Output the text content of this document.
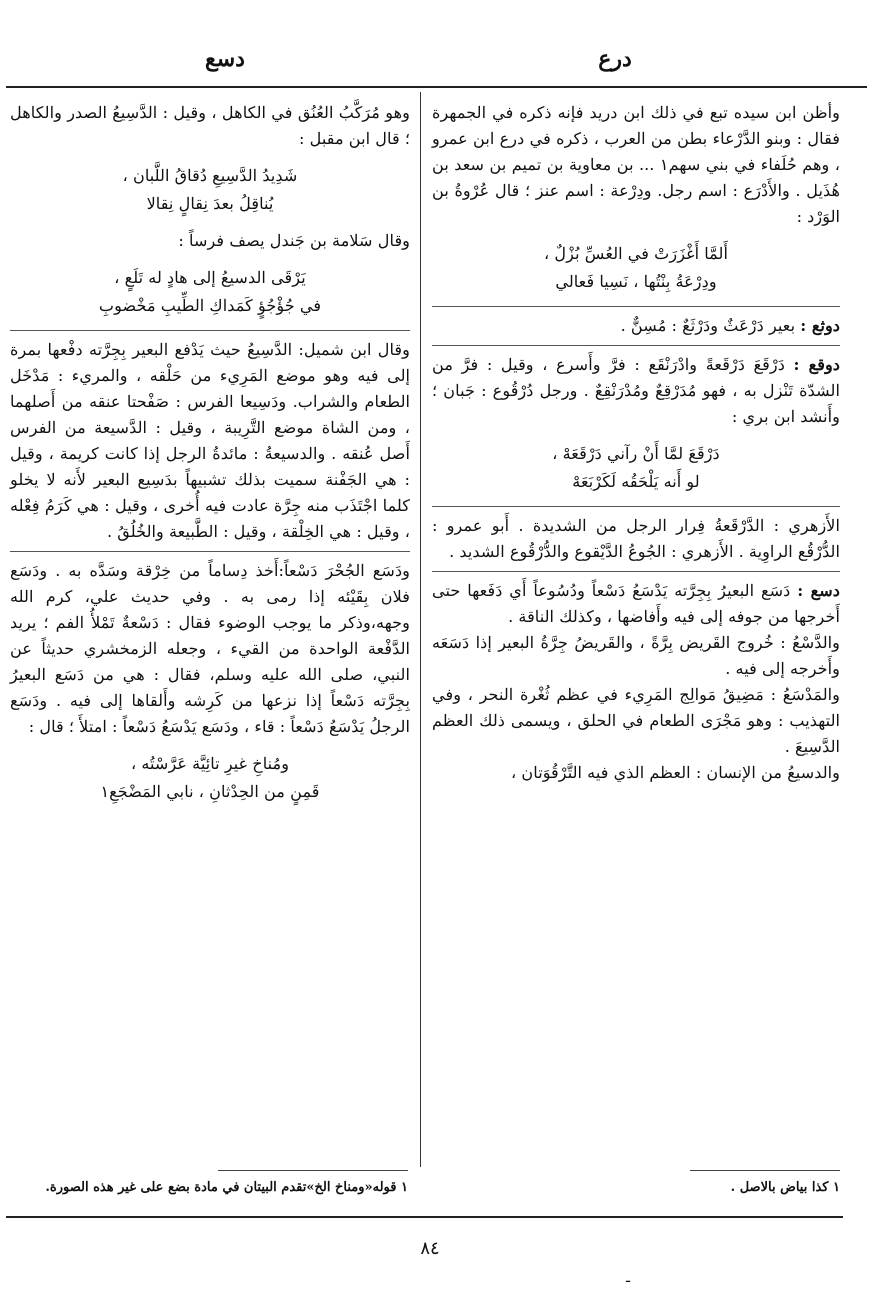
درع
دسع

وأظن ابن سيده تبع في ذلك ابن دريد فإنه ذكره في الجمهرة فقال : وبنو الدَّرْعاء بطن من العرب ، ذكره في درع ابن عمرو ، وهم حُلَفاء في بني سهم١ ... بن معاوية بن تميم بن سعد بن هُذَيل . والأَدْرَع : اسم رجل. ودِرْعة : اسم عنز ؛ قال عُرْوةُ بن الوَرْد :

أَلمَّا أَغْزَرَتْ في العُسِّ بُزْلٌ ،
ودِرْعَةُ بِنْتُها ، نَسِيا فَعالي

دوثع : بعير دَرْعَثٌ ودَرْثَعٌ : مُسِنٌّ .

دوقع : دَرْقَعَ دَرْقَعةً وادْرَنْقَع : فرَّ وأَسرع ، وقيل : فرَّ من الشدّة تَنْزل به ، فهو مُدَرْقِعٌ ومُدْرَنْقِعٌ . ورجل دُرْقُوع : جَبان ؛ وأَنشد ابن بري :

دَرْقَعَ لمَّا أَنْ رآني دَرْقَعَهْ ،
لو أَنه يَلْحَقُه لَكَرْبَعَهْ

الأَزهري : الدَّرْقَعةُ فِرار الرجل من الشديدة . أَبو عمرو : الدُّرْقُع الراوِية . الأَزهري : الجُوعُ الدَّيْقوع والدُّرْقُوع الشديد .

دسع : دَسَع البعيرُ بِجِرَّته يَدْسَعُ دَسْعاً ودُسُوعاً أَي دَفَعها حتى أَخرجها من جوفه إلى فيه وأَفاضها ، وكذلك الناقة .

والدَّسْعُ : خُروج القَريض بِرَّةً ، والقَريضُ جِرَّةُ البعير إذا دَسَعَه وأَخرجه إلى فيه .

والمَدْسَعُ : مَضِيقُ مَوالِج المَرِيء في عظم ثُغْرة النحر ، وفي التهذيب : وهو مَجْرَى الطعام في الحلق ، ويسمى ذلك العظم الدَّسِيعَ .

والدسيعُ من الإنسان : العظم الذي فيه التَّرْقُوَتان ،

وهو مُرَكَّبُ العُنُق في الكاهل ، وقيل : الدَّسِيعُ الصدر والكاهل ؛ قال ابن مقبل :

شَدِيدُ الدَّسِيعِ دُقاقُ اللَّبان ،
يُناقِلُ بعدَ نِقالٍ نِقالا

وقال سَلامة بن جَندل يصف فرساً :

يَرْقَى الدسيعُ إلى هادٍ له تَلَعٍ ،
في جُؤْجُؤٍ كَمَداكِ الطِّيبِ مَخْضوبِ

وقال ابن شميل: الدَّسِيعُ حيث يَدْفع البعير بِجِرَّته دفْعها بمرة إلى فيه وهو موضع المَرِيء من حَلْقه ، والمريء : مَدْخَل الطعام والشراب. ودَسِيعا الفرس : صَفْحتا عنقه من أَصلهما ، ومن الشاة موضع التَّرِيبة ، وقيل : الدَّسيعة من الفرس أَصل عُنقه . والدسيعةُ : مائدةُ الرجل إذا كانت كريمة ، وقيل : هي الجَفْنة سميت بذلك تشبيهاً بدَسِيع البعير لأَنه لا يخلو كلما اجْتَذَب منه جِرَّة عادت فيه أُخرى ، وقيل : هي كَرَمُ فِعْله ، وقيل : هي الخِلْقة ، وقيل : الطَّبيعة والخُلُقُ .

ودَسَع الجُحْرَ دَسْعاً:أَخذ دِساماً من خِرْقة وسَدَّه به . ودَسَع فلان بِقَيْئه إذا رمى به . وفي حديث علي، كرم الله وجهه،وذكر ما يوجب الوضوء فقال : دَسْعةٌ تَمْلأُ الفم ؛ يريد الدَّفْعة الواحدة من القيء ، وجعله الزمخشري حديثاً عن النبي، صلى الله عليه وسلم، فقال : هي من دَسَع البعيرُ بِجِرَّته دَسْعاً إذا نزعها من كَرِشه وأَلقاها إلى فيه . ودَسَع الرجلُ يَدْسَعُ دَسْعاً : قاء ، ودَسَع يَدْسَعُ دَسْعاً : امتلأَ ؛ قال :

ومُناخِ غيرِ تائِيَّة عَرَّسْتُه ،
قَمِنٍ من الحِدْثانِ ، نابي المَضْجَعِ١
١ كذا بياض بالاصل .
١ قوله«ومناخ الخ»تقدم البيتان في مادة بضع على غير هذه الصورة.
٨٤
ـ
